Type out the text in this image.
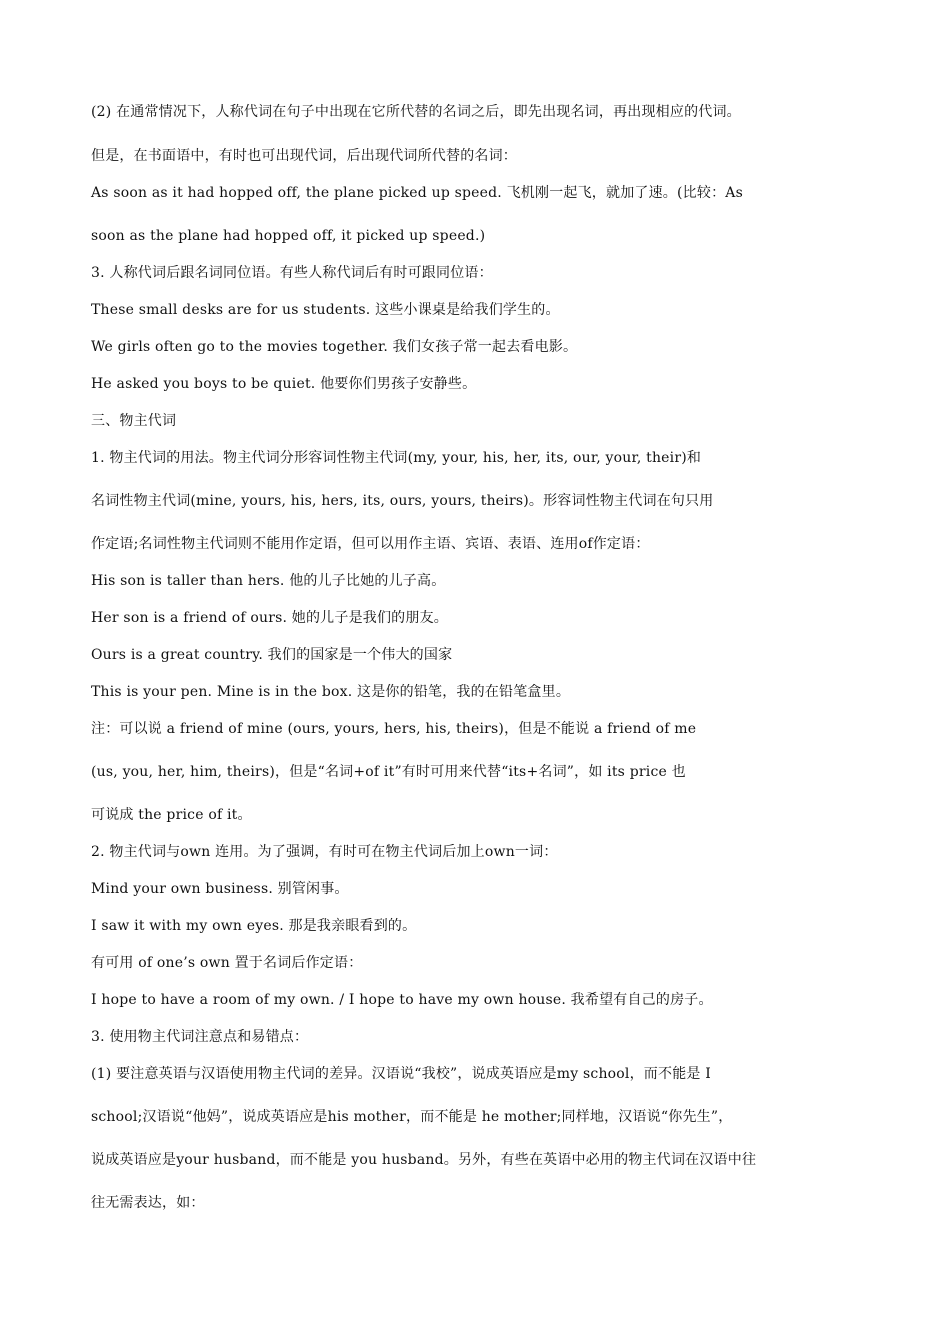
(2) 在通常情况下，人称代词在句子中出现在它所代替的名词之后，即先出现名词，再出现相应的代词。
但是，在书面语中，有时也可出现代词，后出现代词所代替的名词：
As soon as it had hopped off, the plane picked up speed. 飞机刚一起飞，就加了速。(比较：As
soon as the plane had hopped off, it picked up speed.)
3. 人称代词后跟名词同位语。有些人称代词后有时可跟同位语：
These small desks are for us students. 这些小课桌是给我们学生的。
We girls often go to the movies together. 我们女孩子常一起去看电影。
He asked you boys to be quiet. 他要你们男孩子安静些。
三、物主代词
1. 物主代词的用法。物主代词分形容词性物主代词(my, your, his, her, its, our, your, their)和
名词性物主代词(mine, yours, his, hers, its, ours, yours, theirs)。形容词性物主代词在句只用
作定语;名词性物主代词则不能用作定语，但可以用作主语、宾语、表语、连用of作定语：
His son is taller than hers. 他的儿子比她的儿子高。
Her son is a friend of ours. 她的儿子是我们的朋友。
Ours is a great country. 我们的国家是一个伟大的国家
This is your pen. Mine is in the box. 这是你的铅笔，我的在铅笔盒里。
注：可以说 a friend of mine (ours, yours, hers, his, theirs)，但是不能说 a friend of me
(us, you, her, him, theirs)，但是“名词+of it”有时可用来代替“its+名词”，如 its price 也
可说成 the price of it。
2. 物主代词与own 连用。为了强调，有时可在物主代词后加上own一词：
Mind your own business. 别管闲事。
I saw it with my own eyes. 那是我亲眼看到的。
有可用 of one’s own 置于名词后作定语：
I hope to have a room of my own. / I hope to have my own house. 我希望有自己的房子。
3. 使用物主代词注意点和易错点：
(1) 要注意英语与汉语使用物主代词的差异。汉语说“我校”，说成英语应是my school，而不能是 I
school;汉语说“他妈”，说成英语应是his mother，而不能是 he mother;同样地，汉语说“你先生”，
说成英语应是your husband，而不能是 you husband。另外，有些在英语中必用的物主代词在汉语中往
往无需表达，如：
